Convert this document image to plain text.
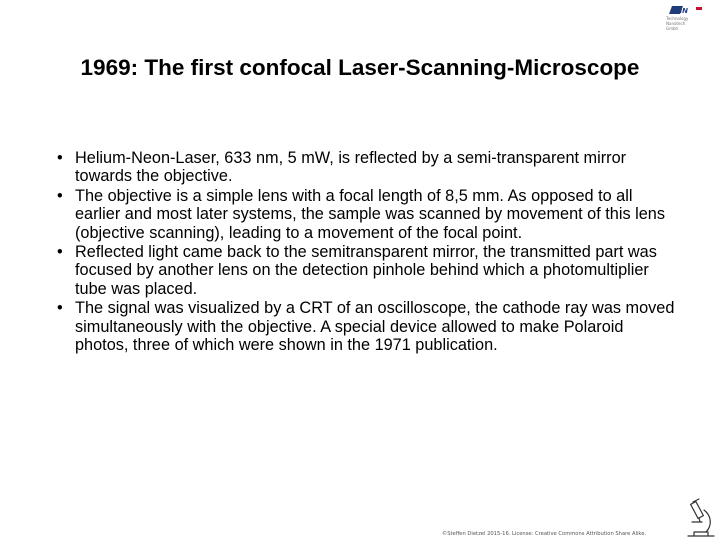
UiN
Technology
Nanotech
Gmbh
1969: The first confocal Laser-Scanning-Microscope
• Helium-Neon-Laser, 633 nm, 5 mW, is reflected by a semi-transparent mirror towards the objective.
• The objective is a simple lens with a focal length of 8,5 mm. As opposed to all earlier and most later systems, the sample was scanned by movement of this lens (objective scanning), leading to a movement of the focal point.
• Reflected light came back to the semitransparent mirror, the transmitted part was focused by another lens on the detection pinhole behind which a photomultiplier tube was placed.
• The signal was visualized by a CRT of an oscilloscope, the cathode ray was moved simultaneously with the objective. A special device allowed to make Polaroid photos, three of which were shown in the 1971 publication.
©Steffen Dietzel 2015-16. License: Creative Commons Attribution Share Alike.
